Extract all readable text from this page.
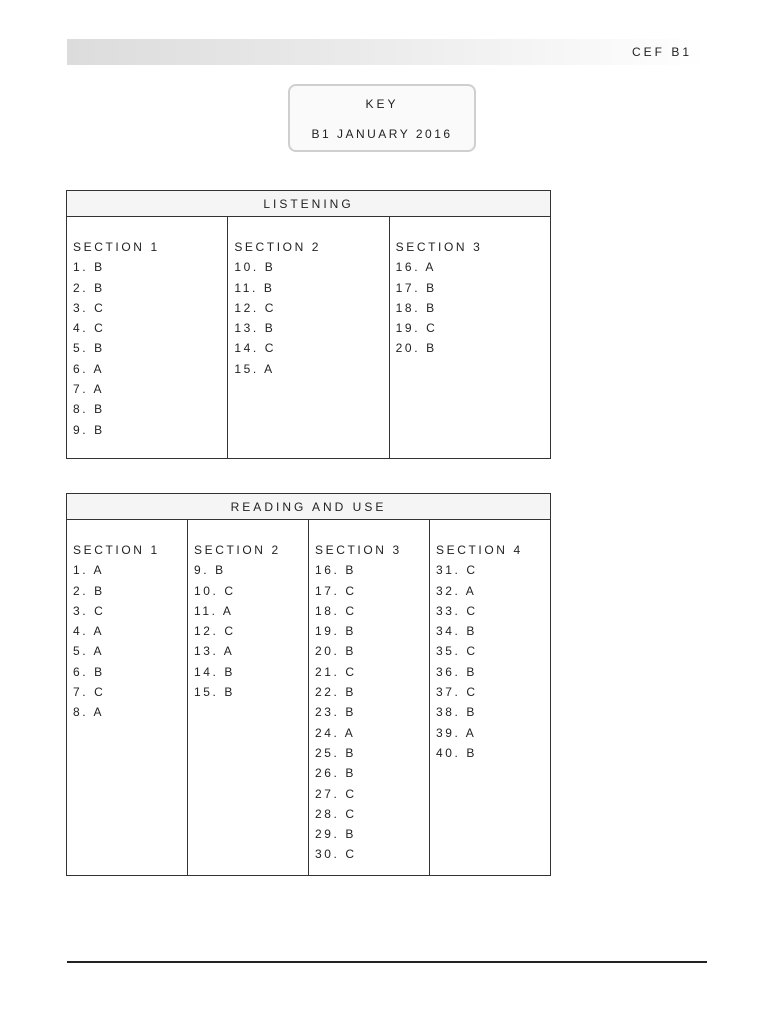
CEF B1
KEY
B1 JANUARY 2016
LISTENING

SECTION 1
1. B
2. B
3. C
4. C
5. B
6. A
7. A
8. B
9. B

SECTION 2
10. B
11. B
12. C
13. B
14. C
15. A

SECTION 3
16. A
17. B
18. B
19. C
20. B
READING AND USE

SECTION 1
1. A
2. B
3. C
4. A
5. A
6. B
7. C
8. A

SECTION 2
9. B
10. C
11. A
12. C
13. A
14. B
15. B

SECTION 3
16. B
17. C
18. C
19. B
20. B
21. C
22. B
23. B
24. A
25. B
26. B
27. C
28. C
29. B
30. C

SECTION 4
31. C
32. A
33. C
34. B
35. C
36. B
37. C
38. B
39. A
40. B
